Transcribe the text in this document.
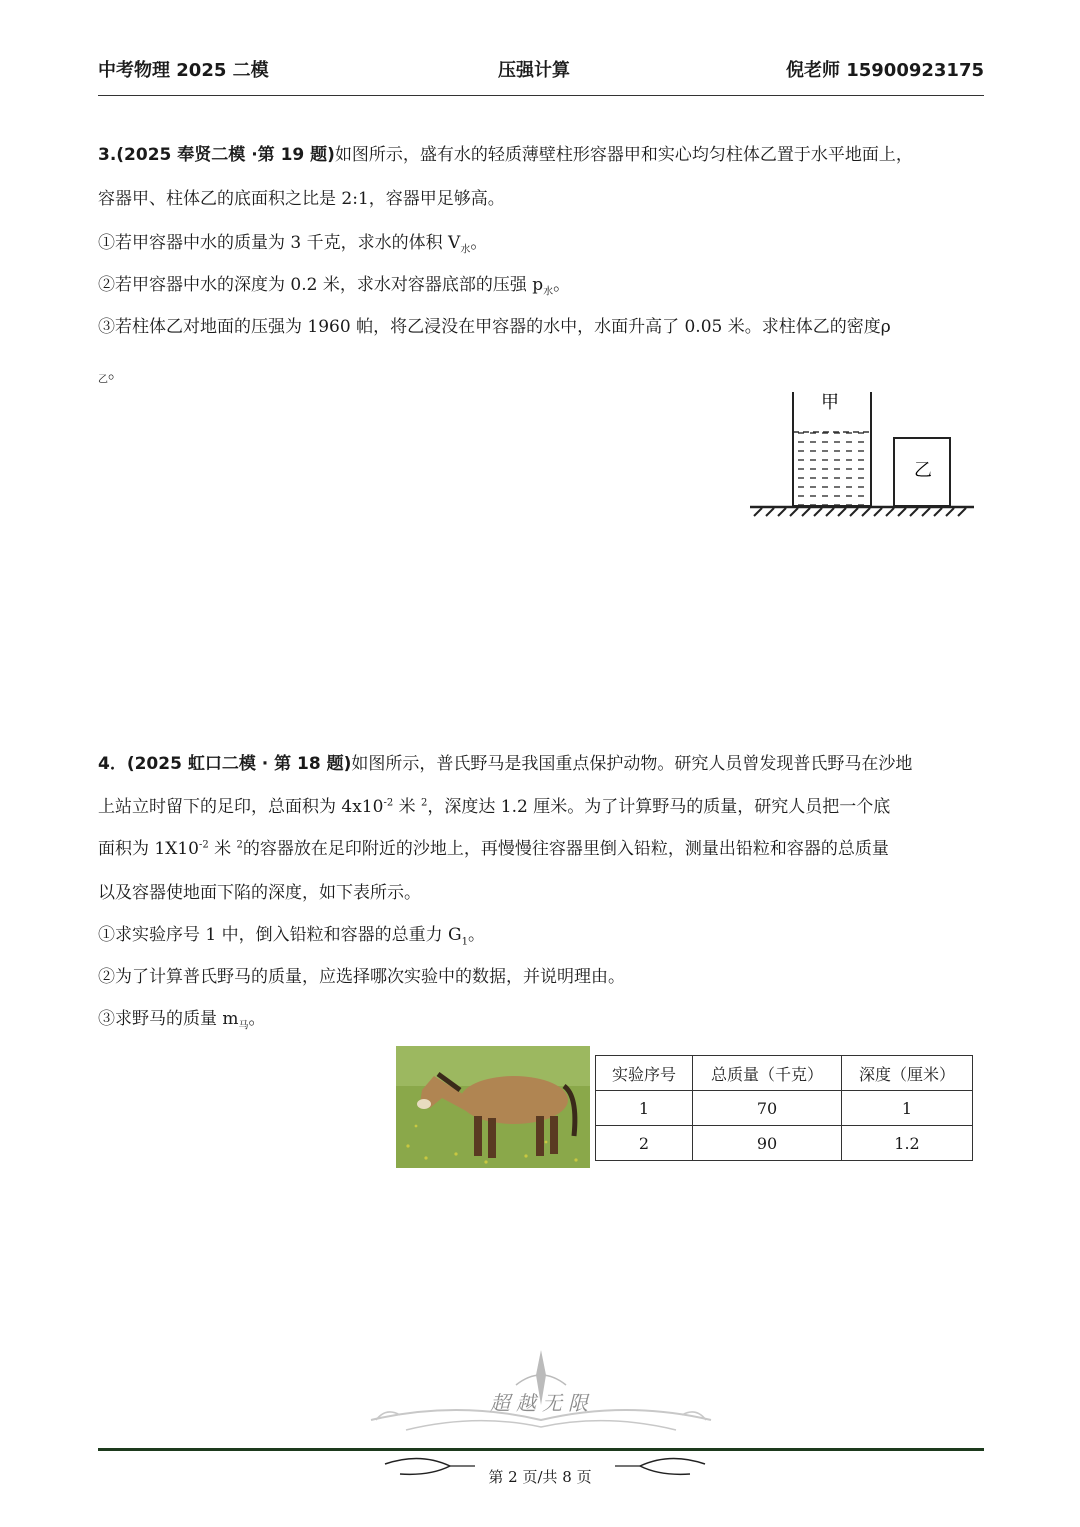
中考物理 2025 二模	压强计算	倪老师 15900923175
3.(2025 奉贤二模 ·第 19 题)如图所示，盛有水的轻质薄壁柱形容器甲和实心均匀柱体乙置于水平地面上，
容器甲、柱体乙的底面积之比是 2:1，容器甲足够高。
①若甲容器中水的质量为 3 千克，求水的体积 $V_水$。
②若甲容器中水的深度为 0.2 米，求水对容器底部的压强 $p_水$。
③若柱体乙对地面的压强为 1960 帕，将乙浸没在甲容器的水中，水面升高了 0.05 米。求柱体乙的密度ρ
$_乙$。
甲
乙
4．(2025 虹口二模 · 第 18 题)如图所示，普氏野马是我国重点保护动物。研究人员曾发现普氏野马在沙地
上站立时留下的足印，总面积为 $4x10^{-2}$ 米 $^2$，深度达 1.2 厘米。为了计算野马的质量，研究人员把一个底
面积为 $1X10^{-2}$ 米 $^2$的容器放在足印附近的沙地上，再慢慢往容器里倒入铅粒，测量出铅粒和容器的总质量
以及容器使地面下陷的深度，如下表所示。
①求实验序号 1 中，倒入铅粒和容器的总重力 $G_1$。
②为了计算普氏野马的质量，应选择哪次实验中的数据，并说明理由。
③求野马的质量 $m_马$。
实验序号	总质量（千克）	深度（厘米）
1	70	1
2	90	1.2
超越无限
第 2 页/共 8 页
